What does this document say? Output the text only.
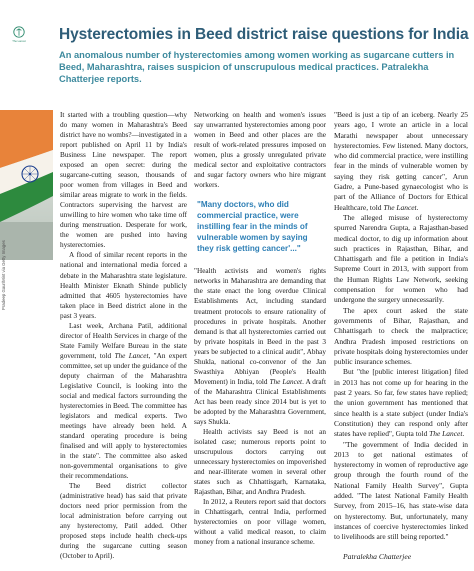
The Lancet Hysterectomies in Beed district raise questions for India

An anomalous number of hysterectomies among women working as sugarcane cutters in Beed, Maharashtra, raises suspicion of unscrupulous medical practices. Patralekha Chatterjee reports.

Pradeep Gaur/Mint via Getty Images

It started with a troubling question—why do many women in Maharashtra's Beed district have no wombs?—investigated in a report published on April 11 by India's Business Line newspaper. The report exposed an open secret: during the sugarcane-cutting season, thousands of poor women from villages in Beed and similar areas migrate to work in the fields. Contractors supervising the harvest are unwilling to hire women who take time off during menstruation. Desperate for work, the women are pushed into having hysterectomies.

A flood of similar recent reports in the national and international media forced a debate in the Maharashtra state legislature. Health Minister Eknath Shinde publicly admitted that 4605 hysterectomies have taken place in Beed district alone in the past 3 years.

Last week, Archana Patil, additional director of Health Services in charge of the State Family Welfare Bureau in the state government, told The Lancet, "An expert committee, set up under the guidance of the deputy chairman of the Maharashtra Legislative Council, is looking into the social and medical factors surrounding the hysterectomies in Beed. The committee has legislators and medical experts. Two meetings have already been held. A standard operating procedure is being finalised and will apply to hysterectomies in the state". The committee also asked non-governmental organisations to give their recommendations.

The Beed district collector (administrative head) has said that private doctors need prior permission from the local administration before carrying out any hysterectomy, Patil added. Other proposed steps include health check-ups during the sugarcane cutting season (October to April).

Networking on health and women's issues say unwarranted hysterectomies among poor women in Beed and other places are the result of work-related pressures imposed on women, plus a grossly unregulated private medical sector and exploitative contractors and sugar factory owners who hire migrant workers.

"Many doctors, who did commercial practice, were instilling fear in the minds of vulnerable women by saying they risk getting cancer'..."

"Health activists and women's rights networks in Maharashtra are demanding that the state enact the long overdue Clinical Establishments Act, including standard treatment protocols to ensure rationality of procedures in private hospitals. Another demand is that all hysterectomies carried out by private hospitals in Beed in the past 3 years be subjected to a clinical audit", Abhay Shukla, national co-convenor of the Jan Swasthiya Abhiyan (People's Health Movement) in India, told The Lancet. A draft of the Maharashtra Clinical Establishments Act has been ready since 2014 but is yet to be adopted by the Maharashtra Government, says Shukla.

Health activists say Beed is not an isolated case; numerous reports point to unscrupulous doctors carrying out unnecessary hysterectomies on impoverished and near-illiterate women in several other states such as Chhattisgarh, Karnataka, Rajasthan, Bihar, and Andhra Pradesh.

In 2012, a Reuters report said that doctors in Chhattisgarh, central India, performed hysterectomies on poor village women, without a valid medical reason, to claim money from a national insurance scheme.

"Beed is just a tip of an iceberg. Nearly 25 years ago, I wrote an article in a local Marathi newspaper about unnecessary hysterectomies. Few listened. Many doctors, who did commercial practice, were instilling fear in the minds of vulnerable women by saying they risk getting cancer", Arun Gadre, a Pune-based gynaecologist who is part of the Alliance of Doctors for Ethical Healthcare, told The Lancet.

The alleged misuse of hysterectomy spurred Narendra Gupta, a Rajasthan-based medical doctor, to dig up information about such practices in Rajasthan, Bihar, and Chhattisgarh and file a petition in India's Supreme Court in 2013, with support from the Human Rights Law Network, seeking compensation for women who had undergone the surgery unnecessarily.

The apex court asked the state governments of Bihar, Rajasthan, and Chhattisgarh to check the malpractice; Andhra Pradesh imposed restrictions on private hospitals doing hysterectomies under public insurance schemes.

But "the [public interest litigation] filed in 2013 has not come up for hearing in the past 2 years. So far, few states have replied; the union government has mentioned that since health is a state subject (under India's Constitution) they can respond only after states have replied", Gupta told The Lancet.

"The government of India decided in 2013 to get national estimates of hysterectomy in women of reproductive age group through the fourth round of the National Family Health Survey", Gupta added. "The latest National Family Health Survey, from 2015–16, has state-wise data on hysterectomy. But, unfortunately, many instances of coercive hysterectomies linked to livelihoods are still being reported."

Patralekha Chatterjee
